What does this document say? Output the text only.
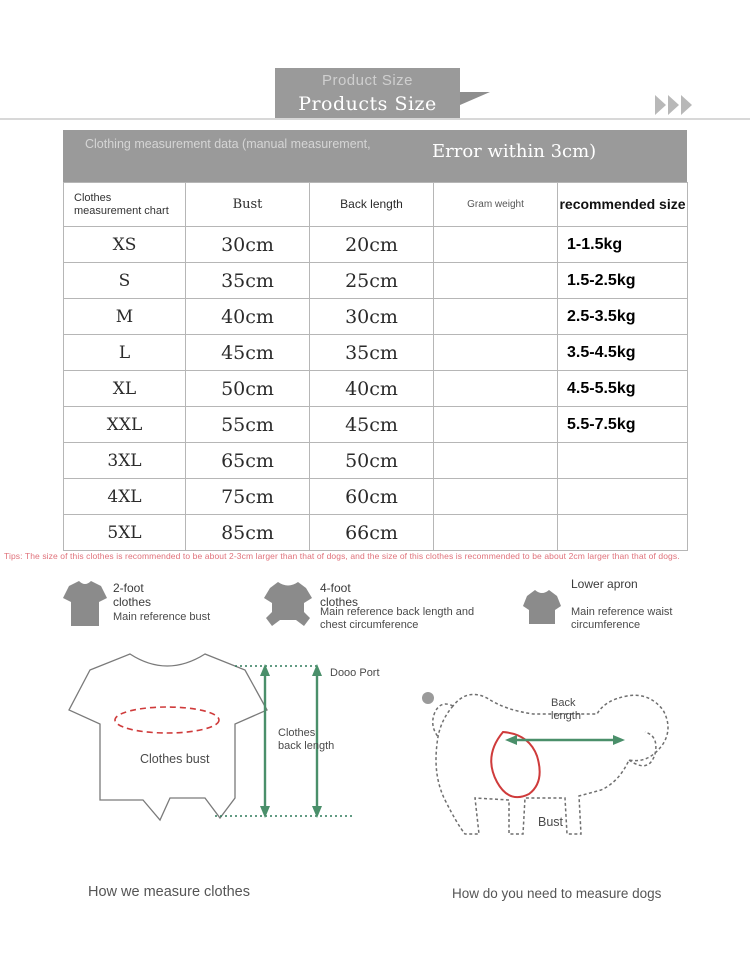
Product Size
Products Size
Clothing measurement data (manual measurement,	Error within 3cm)
Clothes measurement chart	Bust	Back length	Gram weight	recommended size
XS	30cm	20cm		1-1.5kg
S	35cm	25cm		1.5-2.5kg
M	40cm	30cm		2.5-3.5kg
L	45cm	35cm		3.5-4.5kg
XL	50cm	40cm		4.5-5.5kg
XXL	55cm	45cm		5.5-7.5kg
3XL	65cm	50cm		
4XL	75cm	60cm		
5XL	85cm	66cm		
Tips: The size of this clothes is recommended to be about 2-3cm larger than that of dogs, and the size of this clothes is recommended to be about 2cm larger than that of dogs.
2-foot clothes
Main reference bust
4-foot clothes
Main reference back length and chest circumference
Lower apron
Main reference waist circumference
Dooo Port
Clothes back length
Clothes bust
How we measure clothes
Back length
Bust
How do you need to measure dogs
